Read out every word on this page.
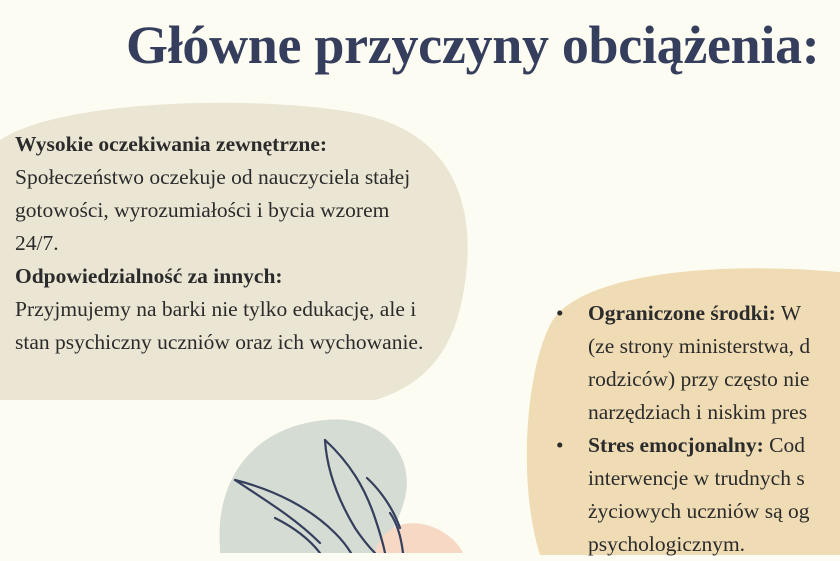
Główne przyczyny obciążenia:

Wysokie oczekiwania zewnętrzne:
Społeczeństwo oczekuje od nauczyciela stałej gotowości, wyrozumiałości i bycia wzorem 24/7.

Odpowiedzialność za innych:
Przyjmujemy na barki nie tylko edukację, ale i stan psychiczny uczniów oraz ich wychowanie.

• Ograniczone środki: W
(ze strony ministerstwa, d
rodziców) przy często nie
narzędziach i niskim pres
• Stres emocjonalny: Cod
interwencje w trudnych s
życiowych uczniów są og
psychologicznym.
